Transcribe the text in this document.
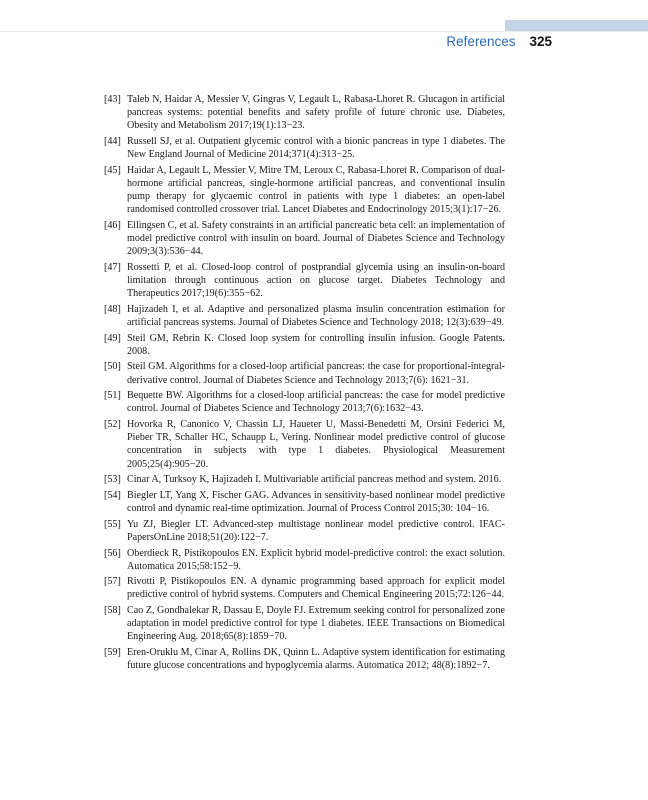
References 325
[43] Taleb N, Haidar A, Messier V, Gingras V, Legault L, Rabasa-Lhoret R. Glucagon in artificial pancreas systems: potential benefits and safety profile of future chronic use. Diabetes, Obesity and Metabolism 2017;19(1):13−23.
[44] Russell SJ, et al. Outpatient glycemic control with a bionic pancreas in type 1 diabetes. The New England Journal of Medicine 2014;371(4):313−25.
[45] Haidar A, Legault L, Messier V, Mitre TM, Leroux C, Rabasa-Lhoret R. Comparison of dual-hormone artificial pancreas, single-hormone artificial pancreas, and conventional insulin pump therapy for glycaemic control in patients with type 1 diabetes: an open-label randomised controlled crossover trial. Lancet Diabetes and Endocrinology 2015;3(1):17−26.
[46] Ellingsen C, et al. Safety constraints in an artificial pancreatic beta cell: an implementation of model predictive control with insulin on board. Journal of Diabetes Science and Technology 2009;3(3):536−44.
[47] Rossetti P, et al. Closed-loop control of postprandial glycemia using an insulin-on-board limitation through continuous action on glucose target. Diabetes Technology and Therapeutics 2017;19(6):355−62.
[48] Hajizadeh I, et al. Adaptive and personalized plasma insulin concentration estimation for artificial pancreas systems. Journal of Diabetes Science and Technology 2018; 12(3):639−49.
[49] Steil GM, Rebrin K. Closed loop system for controlling insulin infusion. Google Patents. 2008.
[50] Steil GM. Algorithms for a closed-loop artificial pancreas: the case for proportional-integral-derivative control. Journal of Diabetes Science and Technology 2013;7(6): 1621−31.
[51] Bequette BW. Algorithms for a closed-loop artificial pancreas: the case for model predictive control. Journal of Diabetes Science and Technology 2013;7(6):1632−43.
[52] Hovorka R, Canonico V, Chassin LJ, Haueter U, Massi-Benedetti M, Orsini Federici M, Pieber TR, Schaller HC, Schaupp L, Vering. Nonlinear model predictive control of glucose concentration in subjects with type 1 diabetes. Physiological Measurement 2005;25(4):905−20.
[53] Cinar A, Turksoy K, Hajizadeh I. Multivariable artificial pancreas method and system. 2016.
[54] Biegler LT, Yang X, Fischer GAG. Advances in sensitivity-based nonlinear model predictive control and dynamic real-time optimization. Journal of Process Control 2015;30: 104−16.
[55] Yu ZJ, Biegler LT. Advanced-step multistage nonlinear model predictive control. IFAC-PapersOnLine 2018;51(20):122−7.
[56] Oberdieck R, Pistikopoulos EN. Explicit hybrid model-predictive control: the exact solution. Automatica 2015;58:152−9.
[57] Rivotti P, Pistikopoulos EN. A dynamic programming based approach for explicit model predictive control of hybrid systems. Computers and Chemical Engineering 2015;72:126−44.
[58] Cao Z, Gondhalekar R, Dassau E, Doyle FJ. Extremum seeking control for personalized zone adaptation in model predictive control for type 1 diabetes. IEEE Transactions on Biomedical Engineering Aug. 2018;65(8):1859−70.
[59] Eren-Oruklu M, Cinar A, Rollins DK, Quinn L. Adaptive system identification for estimating future glucose concentrations and hypoglycemia alarms. Automatica 2012; 48(8):1892−7.
